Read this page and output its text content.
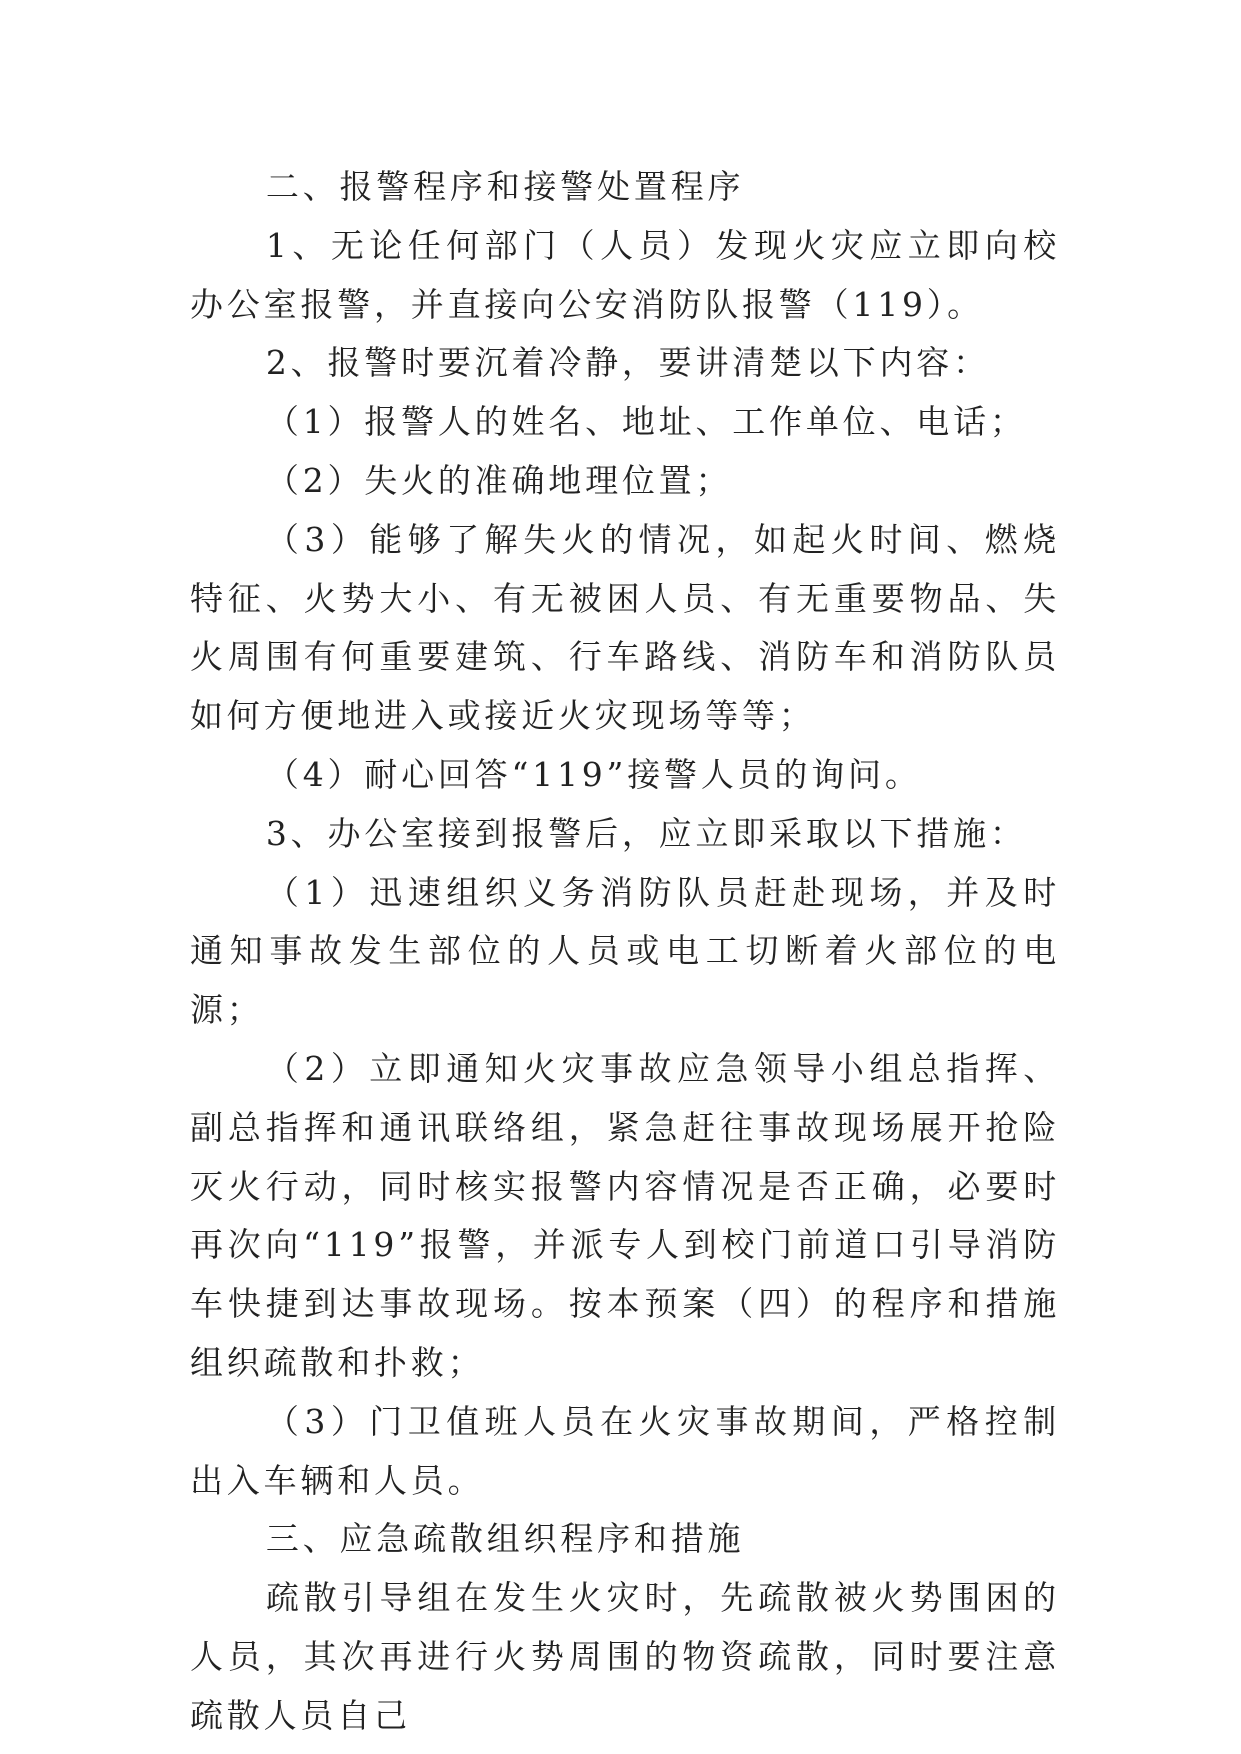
二、报警程序和接警处置程序

1、无论任何部门（人员）发现火灾应立即向校办公室报警，并直接向公安消防队报警（119）。

2、报警时要沉着冷静，要讲清楚以下内容：

（1）报警人的姓名、地址、工作单位、电话；

（2）失火的准确地理位置；

（3）能够了解失火的情况，如起火时间、燃烧特征、火势大小、有无被困人员、有无重要物品、失火周围有何重要建筑、行车路线、消防车和消防队员如何方便地进入或接近火灾现场等等；

（4）耐心回答“119”接警人员的询问。

3、办公室接到报警后，应立即采取以下措施：

（1）迅速组织义务消防队员赶赴现场，并及时通知事故发生部位的人员或电工切断着火部位的电源；

（2）立即通知火灾事故应急领导小组总指挥、副总指挥和通讯联络组，紧急赶往事故现场展开抢险灭火行动，同时核实报警内容情况是否正确，必要时再次向“119”报警，并派专人到校门前道口引导消防车快捷到达事故现场。按本预案（四）的程序和措施组织疏散和扑救；

（3）门卫值班人员在火灾事故期间，严格控制出入车辆和人员。

三、应急疏散组织程序和措施

疏散引导组在发生火灾时，先疏散被火势围困的人员，其次再进行火势周围的物资疏散，同时要注意疏散人员自己
